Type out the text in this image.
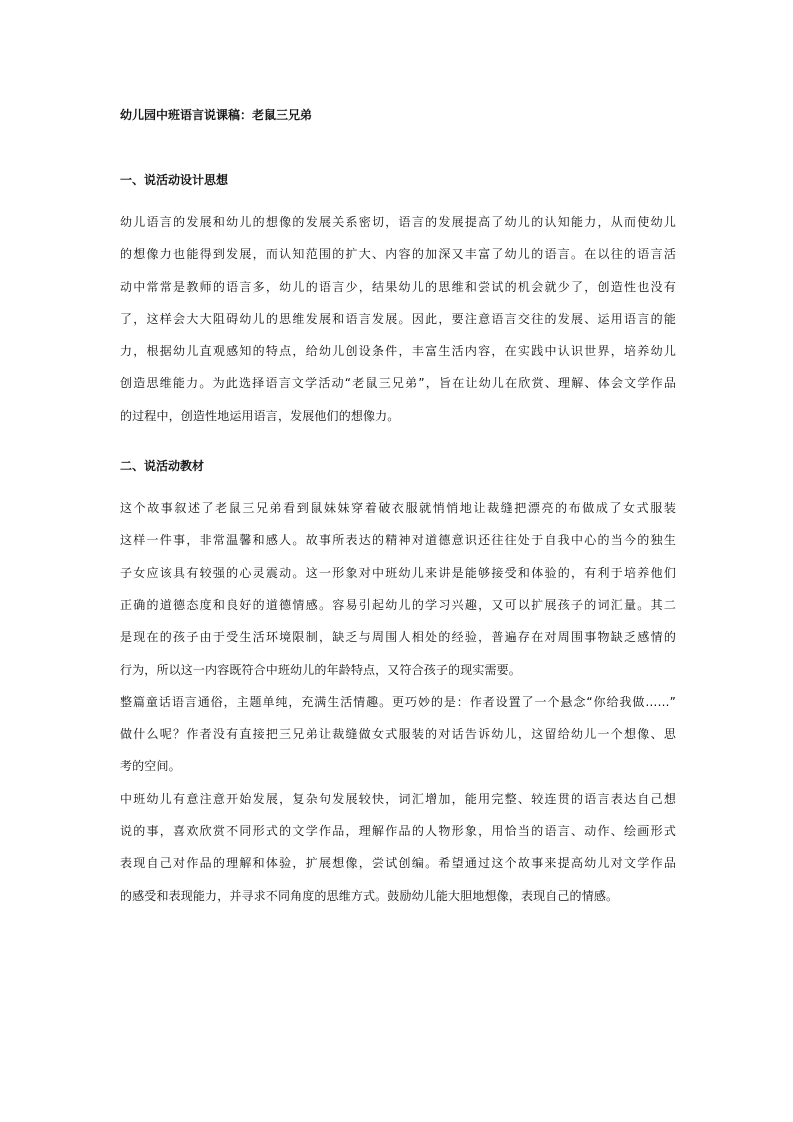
幼儿园中班语言说课稿：老鼠三兄弟
一、说活动设计思想

幼儿语言的发展和幼儿的想像的发展关系密切，语言的发展提高了幼儿的认知能力，从而使幼儿
的想像力也能得到发展，而认知范围的扩大、内容的加深又丰富了幼儿的语言。在以往的语言活
动中常常是教师的语言多，幼儿的语言少，结果幼儿的思维和尝试的机会就少了，创造性也没有
了，这样会大大阻碍幼儿的思维发展和语言发展。因此，要注意语言交往的发展、运用语言的能
力，根据幼儿直观感知的特点，给幼儿创设条件，丰富生活内容，在实践中认识世界，培养幼儿
创造思维能力。为此选择语言文学活动“老鼠三兄弟”，旨在让幼儿在欣赏、理解、体会文学作品
的过程中，创造性地运用语言，发展他们的想像力。

二、说活动教材

这个故事叙述了老鼠三兄弟看到鼠妹妹穿着破衣服就悄悄地让裁缝把漂亮的布做成了女式服装
这样一件事，非常温馨和感人。故事所表达的精神对道德意识还往往处于自我中心的当今的独生
子女应该具有较强的心灵震动。这一形象对中班幼儿来讲是能够接受和体验的，有利于培养他们
正确的道德态度和良好的道德情感。容易引起幼儿的学习兴趣，又可以扩展孩子的词汇量。其二
是现在的孩子由于受生活环境限制，缺乏与周围人相处的经验，普遍存在对周围事物缺乏感情的
行为，所以这一内容既符合中班幼儿的年龄特点，又符合孩子的现实需要。

整篇童话语言通俗，主题单纯，充满生活情趣。更巧妙的是：作者设置了一个悬念“你给我做……”
做什么呢？作者没有直接把三兄弟让裁缝做女式服装的对话告诉幼儿，这留给幼儿一个想像、思
考的空间。

中班幼儿有意注意开始发展，复杂句发展较快，词汇增加，能用完整、较连贯的语言表达自己想
说的事，喜欢欣赏不同形式的文学作品，理解作品的人物形象，用恰当的语言、动作、绘画形式
表现自己对作品的理解和体验，扩展想像，尝试创编。希望通过这个故事来提高幼儿对文学作品
的感受和表现能力，并寻求不同角度的思维方式。鼓励幼儿能大胆地想像，表现自己的情感。
